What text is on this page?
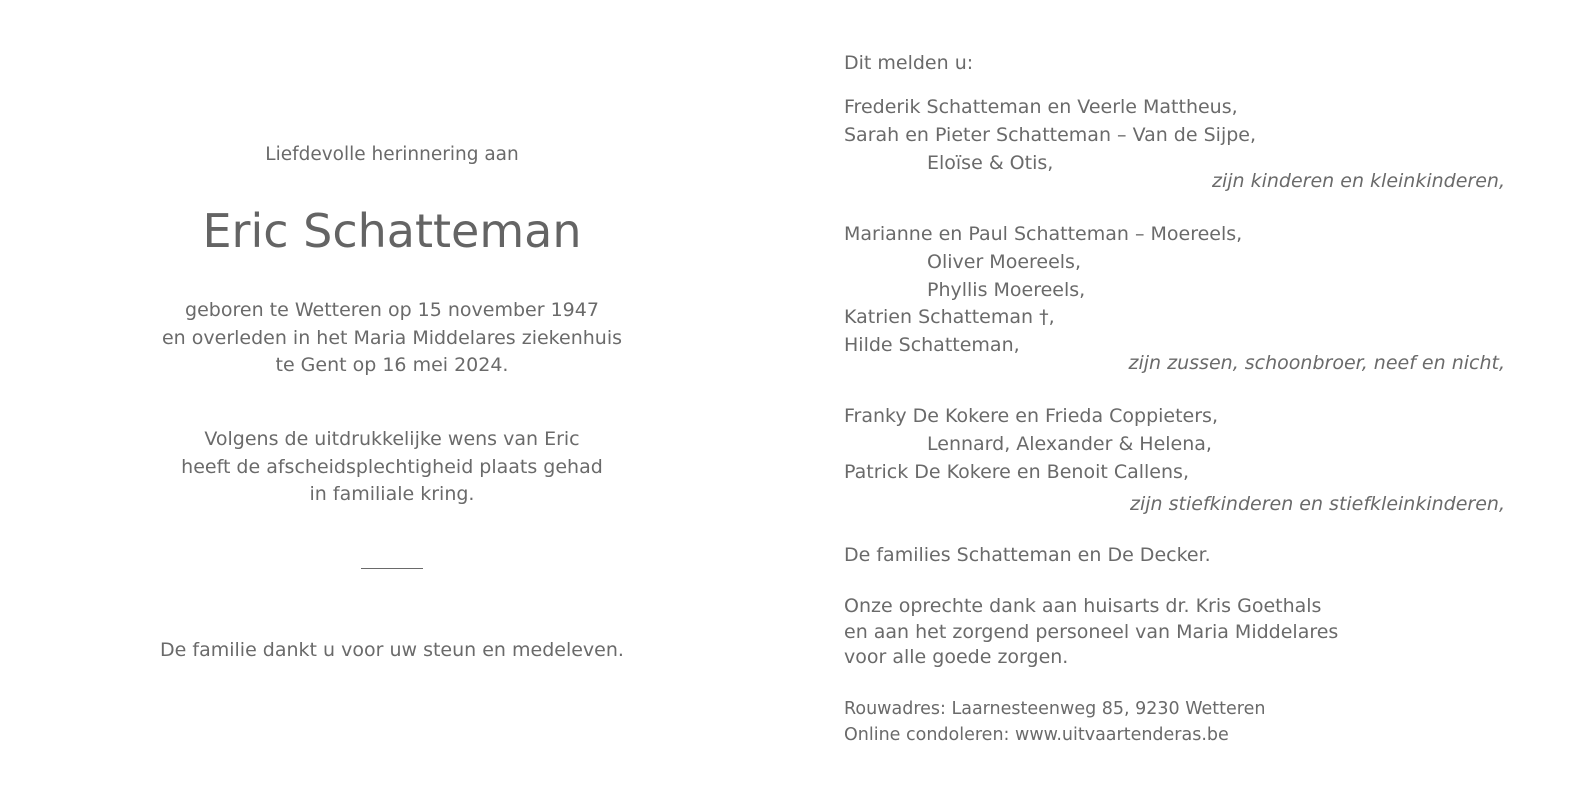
Liefdevolle herinnering aan
Eric Schatteman
geboren te Wetteren op 15 november 1947
en overleden in het Maria Middelares ziekenhuis
te Gent op 16 mei 2024.
Volgens de uitdrukkelijke wens van Eric
heeft de afscheidsplechtigheid plaats gehad
in familiale kring.
De familie dankt u voor uw steun en medeleven.
Dit melden u:
Frederik Schatteman en Veerle Mattheus,
Sarah en Pieter Schatteman – Van de Sijpe,
Eloïse & Otis,
zijn kinderen en kleinkinderen,
Marianne en Paul Schatteman – Moereels,
Oliver Moereels,
Phyllis Moereels,
Katrien Schatteman †,
Hilde Schatteman,
zijn zussen, schoonbroer, neef en nicht,
Franky De Kokere en Frieda Coppieters,
Lennard, Alexander & Helena,
Patrick De Kokere en Benoit Callens,
zijn stiefkinderen en stiefkleinkinderen,
De families Schatteman en De Decker.
Onze oprechte dank aan huisarts dr. Kris Goethals
en aan het zorgend personeel van Maria Middelares
voor alle goede zorgen.
Rouwadres: Laarnesteenweg 85, 9230 Wetteren
Online condoleren: www.uitvaartenderas.be
